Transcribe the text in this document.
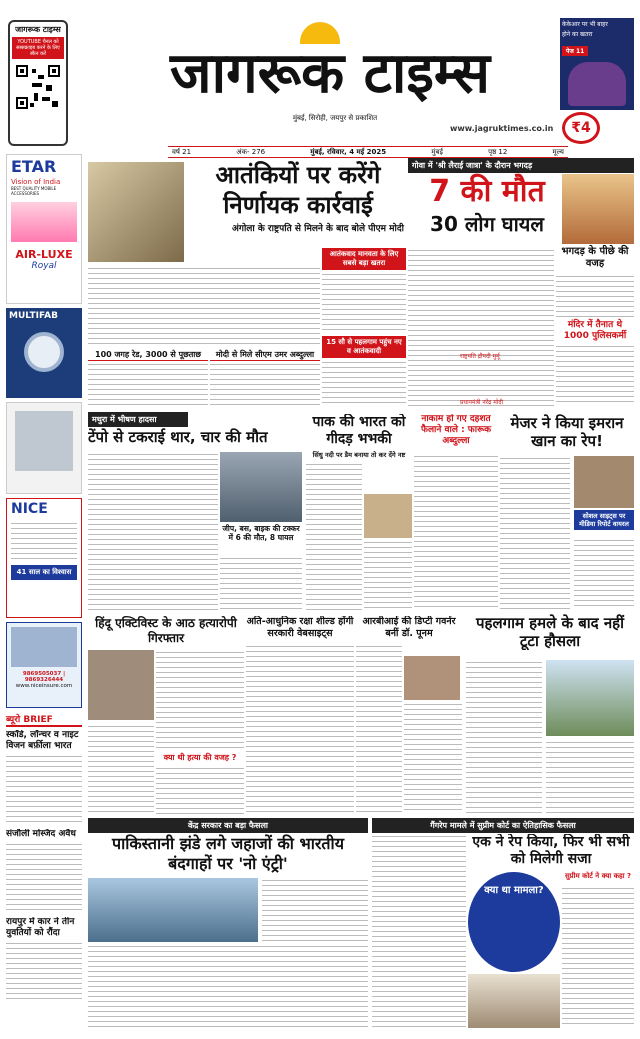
जागरूक टाइम्स
YOUTUBE चैनल को सब्सक्राइब करने के लिए स्कैन करें	जागरूक टाइम्स
मुंबई, सिरोही, जयपुर से प्रकाशित
www.jagruktimes.co.in	₹4
केकेआर पर भी बाहर
होने का खतरा
पेज 11
वर्ष 21	अंक- 276	मुंबई, रविवार, 4 मई 2025	मुंबई	पृष्ठ 12	मूल्य
ETAR
Vision of India
BEST QUALITY MOBILE ACCESSORIES
AIR-LUXE
Royal
MULTIFAB
NICE
41 साल का विश्वास
9869505037 | 9869326444
www.niceinsure.com
ब्यूरो BRIEF
स्कॉर्ड, लॉन्चर व नाइट विजन बर्फ़ीला भारत
संजौली मस्जिद अवैध
रायपुर में कार ने तीन युवतियों को रौंदा
आतंकियों पर करेंगे निर्णायक कार्रवाई
अंगोला के राष्ट्रपति से मिलने के बाद बोले पीएम मोदी
आतंकवाद मानवता के लिए सबसे बड़ा खतरा
15 सौ से पहलगाम पहुंच नए व आतंकवादी
100 जगह रेड, 3000 से पूछताछ	मोदी से मिले सीएम उमर अब्दुल्ला
गोवा में 'श्री लैराई जात्रा' के दौरान भगदड़
7 की मौत
30 लोग घायल
भगदड़ के पीछे की वजह
मंदिर में तैनात थे 1000 पुलिसकर्मी
राष्ट्रपति द्रौपदी मुर्मू
प्रधानमंत्री नरेंद्र मोदी
मथुरा में भीषण हादसा
टेंपो से टकराई थार, चार की मौत
जीप, बस, बाइक की टक्कर में 6 की मौत, 8 घायल
पाक की भारत को गीदड़ भभकी
सिंधु नदी पर डैम बनाया तो कर देंगे नष्ट
नाकाम हो गए दहशत फैलाने वाले : फारूक अब्दुल्ला
मेजर ने किया इमरान खान का रेप!
सोशल साइट्स पर मीडिया रिपोर्ट वायरल
हिंदू एक्टिविस्ट के आठ हत्यारोपी गिरफ्तार
क्या थी हत्या की वजह ?
अति-आधुनिक रक्षा शील्ड होंगी सरकारी वेबसाइट्स
आरबीआई की डिप्टी गवर्नर बनीं डॉ. पूनम
पहलगाम हमले के बाद नहीं टूटा हौसला
केंद्र सरकार का बड़ा फैसला
पाकिस्तानी झंडे लगे जहाजों की भारतीय बंदगाहों पर 'नो एंट्री'
गैंगरेप मामले में सुप्रीम कोर्ट का ऐतिहासिक फैसला
एक ने रेप किया, फिर भी सभी को मिलेगी सजा
क्या था मामला?
सुप्रीम कोर्ट ने क्या कहा ?
